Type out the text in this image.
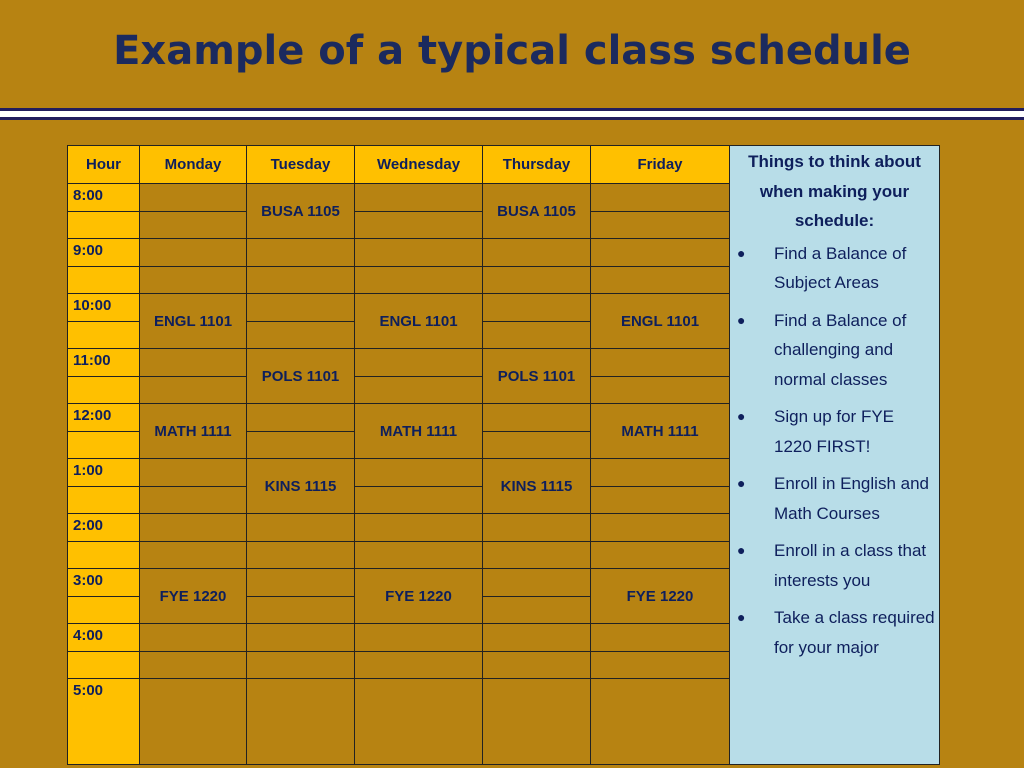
Example of a typical class schedule
Hour	Monday	Tuesday	Wednesday	Thursday	Friday
8:00		BUSA 1105		BUSA 1105	

9:00					

10:00	ENGL 1101		ENGL 1101		ENGL 1101

11:00		POLS 1101		POLS 1101	

12:00	MATH 1111		MATH 1111		MATH 1111

1:00		KINS 1115		KINS 1115	

2:00					

3:00	FYE 1220		FYE 1220		FYE 1220

4:00					

5:00					
Things to think about when making your schedule:
● Find a Balance of Subject Areas
● Find a Balance of challenging and normal classes
● Sign up for FYE 1220 FIRST!
● Enroll in English and Math Courses
● Enroll in a class that interests you
● Take a class required for your major
